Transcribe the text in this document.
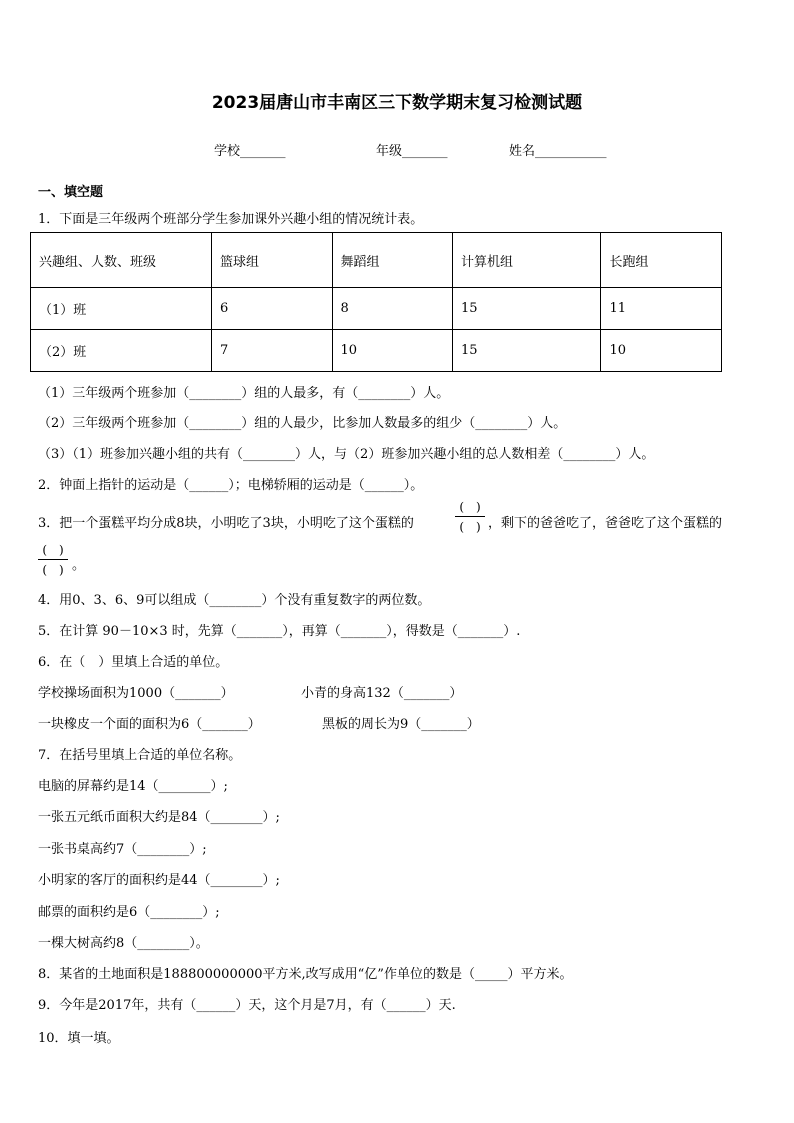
2023届唐山市丰南区三下数学期末复习检测试题
学校_______	年级_______	姓名___________
一、填空题
1．下面是三年级两个班部分学生参加课外兴趣小组的情况统计表。
兴趣组、人数、班级	篮球组	舞蹈组	计算机组	长跑组
（1）班	6	8	15	11
（2）班	7	10	15	10
（1）三年级两个班参加（________）组的人最多，有（________）人。
（2）三年级两个班参加（________）组的人最少，比参加人数最多的组少（________）人。
（3）（1）班参加兴趣小组的共有（________）人，与（2）班参加兴趣小组的总人数相差（________）人。
2．钟面上指针的运动是（______）；电梯轿厢的运动是（______）。
3．把一个蛋糕平均分成8块，小明吃了3块，小明吃了这个蛋糕的
(　)
(　) ，剩下的爸爸吃了，爸爸吃了这个蛋糕的
(　)
(　) 。
4．用0、3、6、9可以组成（________）个没有重复数字的两位数。
5．在计算 90－10×3 时，先算（_______），再算（_______），得数是（_______）.
6．在（　）里填上合适的单位。
学校操场面积为1000（_______）	小青的身高132（_______）
一块橡皮一个面的面积为6（_______）	黑板的周长为9（_______）
7．在括号里填上合适的单位名称。
电脑的屏幕约是14（________）;
一张五元纸币面积大约是84（________）;
一张书桌高约7（________）;
小明家的客厅的面积约是44（________）;
邮票的面积约是6（________）;
一棵大树高约8（________）。
8．某省的土地面积是188800000000平方米,改写成用“亿”作单位的数是（_____）平方米。
9．今年是2017年，共有（______）天，这个月是7月，有（______）天.
10．填一填。
